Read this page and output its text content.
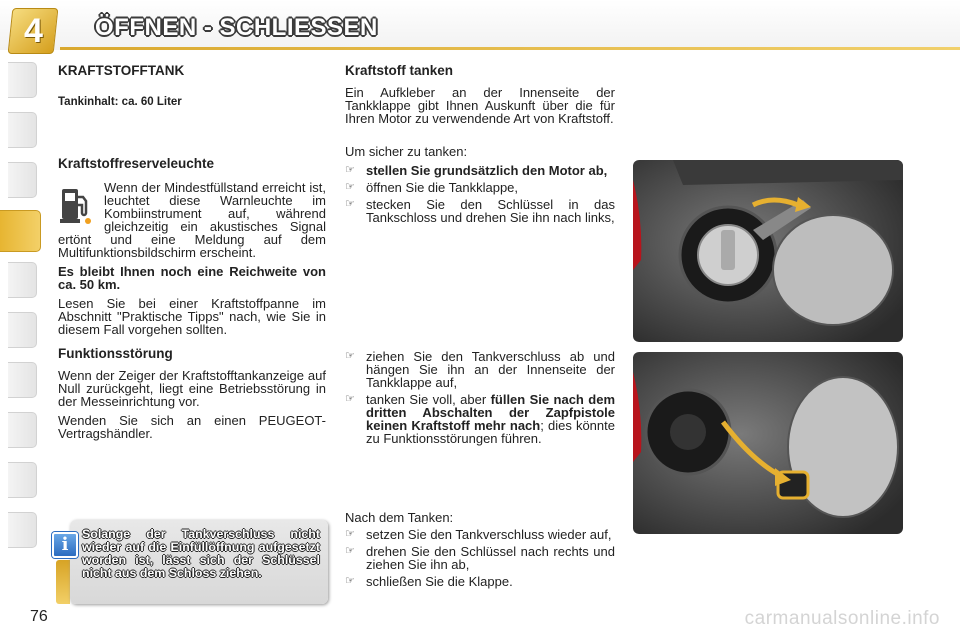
4 ÖFFNEN - SCHLIESSEN
KRAFTSTOFFTANK
Tankinhalt: ca. 60 Liter
Kraftstoffreserveleuchte

Wenn der Mindestfüllstand erreicht ist, leuchtet diese Warnleuchte im Kombiinstrument auf, während gleichzeitig ein akustisches Signal ertönt und eine Meldung auf dem Multifunktionsbildschirm erscheint.

Es bleibt Ihnen noch eine Reichweite von ca. 50 km.

Lesen Sie bei einer Kraftstoffpanne im Abschnitt "Praktische Tipps" nach, wie Sie in diesem Fall vorgehen sollten.

Funktionsstörung

Wenn der Zeiger der Kraftstofftankanzeige auf Null zurückgeht, liegt eine Betriebsstörung in der Messeinrichtung vor.

Wenden Sie sich an einen PEUGEOT-Vertragshändler.

Solange der Tankverschluss nicht wieder auf die Einfüllöffnung aufgesetzt worden ist, lässt sich der Schlüssel nicht aus dem Schloss ziehen.

i
Kraftstoff tanken

Ein Aufkleber an der Innenseite der Tankklappe gibt Ihnen Auskunft über die für Ihren Motor zu verwendende Art von Kraftstoff.

Um sicher zu tanken:

☞ stellen Sie grundsätzlich den Motor ab,
☞ öffnen Sie die Tankklappe,
☞ stecken Sie den Schlüssel in das Tankschloss und drehen Sie ihn nach links,
☞ ziehen Sie den Tankverschluss ab und hängen Sie ihn an der Innenseite der Tankklappe auf,
☞ tanken Sie voll, aber füllen Sie nach dem dritten Abschalten der Zapfpistole keinen Kraftstoff mehr nach; dies könnte zu Funktionsstörungen führen.

Nach dem Tanken:

☞ setzen Sie den Tankverschluss wieder auf,
☞ drehen Sie den Schlüssel nach rechts und ziehen Sie ihn ab,
☞ schließen Sie die Klappe.
76	carmanualsonline.info
